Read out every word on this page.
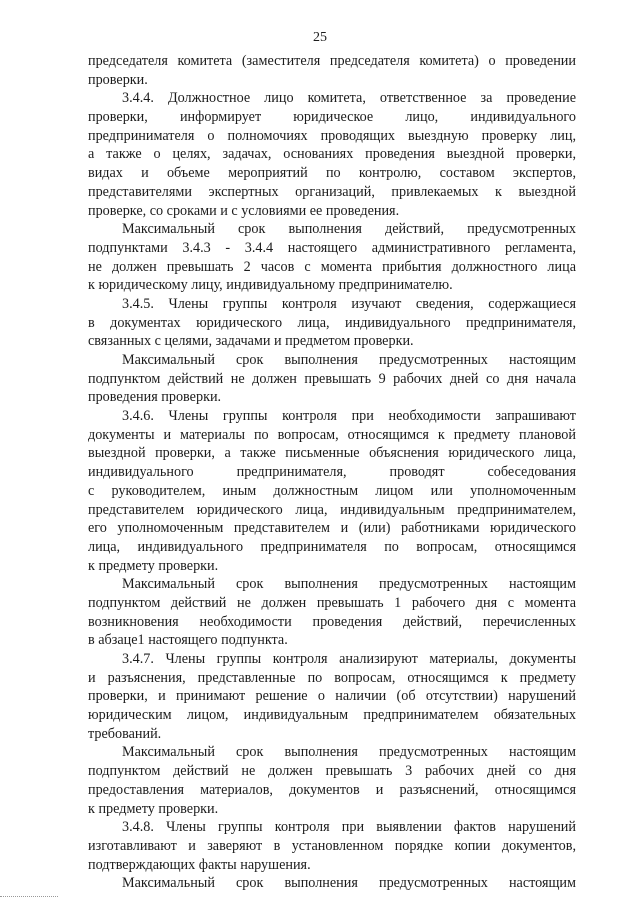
25
председателя комитета (заместителя председателя комитета) о проведении
проверки.
3.4.4. Должностное лицо комитета, ответственное за проведение
проверки, информирует юридическое лицо, индивидуального
предпринимателя о полномочиях проводящих выездную проверку лиц,
а также о целях, задачах, основаниях проведения выездной проверки,
видах и объеме мероприятий по контролю, составом экспертов,
представителями экспертных организаций, привлекаемых к выездной
проверке, со сроками и с условиями ее проведения.
Максимальный срок выполнения действий, предусмотренных
подпунктами 3.4.3 - 3.4.4 настоящего административного регламента,
не должен превышать 2 часов с момента прибытия должностного лица
к юридическому лицу, индивидуальному предпринимателю.
3.4.5. Члены группы контроля изучают сведения, содержащиеся
в документах юридического лица, индивидуального предпринимателя,
связанных с целями, задачами и предметом проверки.
Максимальный срок выполнения предусмотренных настоящим
подпунктом действий не должен превышать 9 рабочих дней со дня начала
проведения проверки.
3.4.6. Члены группы контроля при необходимости запрашивают
документы и материалы по вопросам, относящимся к предмету плановой
выездной проверки, а также письменные объяснения юридического лица,
индивидуального предпринимателя, проводят собеседования
с руководителем, иным должностным лицом или уполномоченным
представителем юридического лица, индивидуальным предпринимателем,
его уполномоченным представителем и (или) работниками юридического
лица, индивидуального предпринимателя по вопросам, относящимся
к предмету проверки.
Максимальный срок выполнения предусмотренных настоящим
подпунктом действий не должен превышать 1 рабочего дня с момента
возникновения необходимости проведения действий, перечисленных
в абзаце1 настоящего подпункта.
3.4.7. Члены группы контроля анализируют материалы, документы
и разъяснения, представленные по вопросам, относящимся к предмету
проверки, и принимают решение о наличии (об отсутствии) нарушений
юридическим лицом, индивидуальным предпринимателем обязательных
требований.
Максимальный срок выполнения предусмотренных настоящим
подпунктом действий не должен превышать 3 рабочих дней со дня
предоставления материалов, документов и разъяснений, относящимся
к предмету проверки.
3.4.8. Члены группы контроля при выявлении фактов нарушений
изготавливают и заверяют в установленном порядке копии документов,
подтверждающих факты нарушения.
Максимальный срок выполнения предусмотренных настоящим
